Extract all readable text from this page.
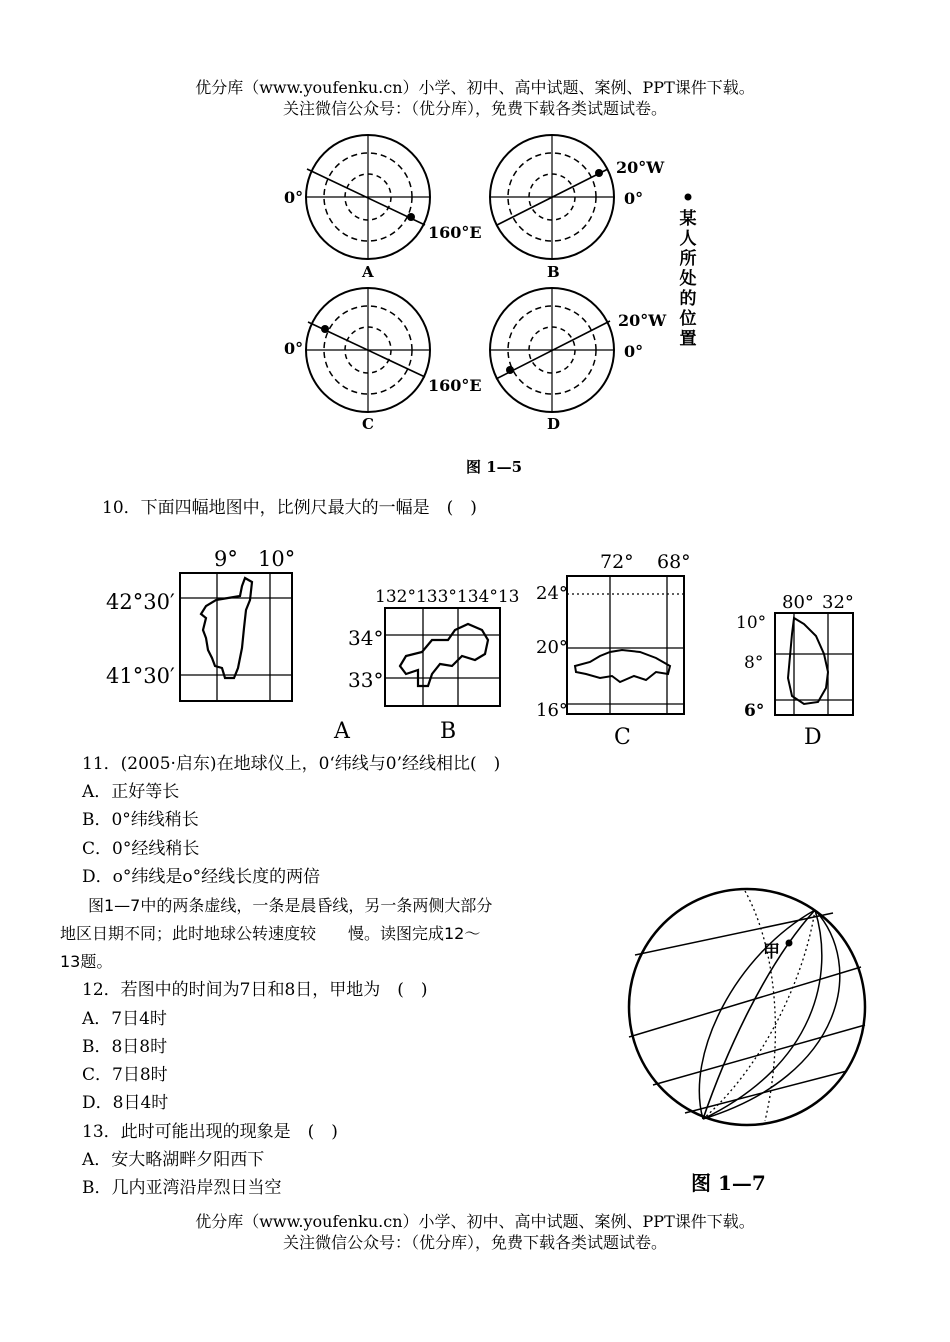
优分库（www.youfenku.cn）小学、初中、高中试题、案例、PPT课件下载。
关注微信公众号：（优分库），免费下载各类试题试卷。
0°
160°E
A
20°W
0°
B
0°
160°E
C
20°W
0°
D
图 1—5
某人所处的位置
10．下面四幅地图中，比例尺最大的一幅是　(　)
9° 10°
42°30′
41°30′
A
132°133°134°13
34°
33°
B
72° 68°
24°
20°
16°
C
80° 32°
10°
8°
6°
D
11．(2005·启东)在地球仪上，0‘纬线与0’经线相比(　)
A．正好等长
B．0°纬线稍长
C．0°经线稍长
D．o°纬线是o°经线长度的两倍
图1—7中的两条虚线，一条是晨昏线，另一条两侧大部分
地区日期不同；此时地球公转速度较　　慢。读图完成12～
13题。
12．若图中的时间为7日和8日，甲地为　(　)
A．7日4时
B．8日8时
C．7日8时
D．8日4时
13．此时可能出现的现象是　(　)
A．安大略湖畔夕阳西下
B．几内亚湾沿岸烈日当空
甲
图 1—7
优分库（www.youfenku.cn）小学、初中、高中试题、案例、PPT课件下载。
关注微信公众号：（优分库），免费下载各类试题试卷。
